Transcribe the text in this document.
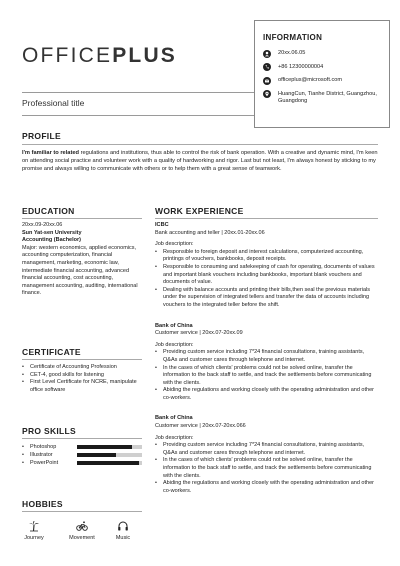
OFFICEPLUS
Professional title
INFORMATION
20xx.06.05
+86 12300000004
officeplus@microsoft.com
HuangCun, Tianhe District, Guangzhou, Guangdong
PROFILE
I'm familiar to related regulations and institutions, thus able to control the risk of bank operation. With a creative and dynamic mind, I'm keen on attending social practice and volunteer work with a quality of hardworking and rigor. Last but not least, I'm always honest by sticking to my promise and always willing to communicate with others or to help them with a great sense of teamwork.
EDUCATION
20xx.09-20xx.06
Sun Yat-sen University
Accounting (Bachelor)
Major: western economics, applied economics, accounting computerization, financial management, marketing, economic law, intermediate financial accounting, advanced financial accounting, cost accounting, management accounting, auditing, international finance.
CERTIFICATE
• Certificate of Accounting Profession
• CET-4, good skills for listening
• First Level Certificate for NCRE, manipulate office software
PRO SKILLS
• Photoshop
• Illustrator
• PowerPoint
HOBBIES
Journey	Movement	Music
WORK EXPERIENCE
ICBC
Bank accounting and teller | 20xx.01-20xx.06
Job description:
• Responsible to foreign deposit and interest calculations, computerized accounting, printings of vouchers, bankbooks, deposit receipts.
• Responsible to consuming and safekeeping of cash for operating, documents of values and important blank vouchers including bankbooks, important blank vouchers and documents of value.
• Dealing with balance accounts and printing their bills,then seal the previous materials under the supervision of integrated tellers and transfer the data of accounts including vouchers to the integrated teller before the shift.
Bank of China
Customer service | 20xx.07-20xx.09
Job description:
• Providing custom service including 7*24 financial consultations, training assistants, Q&As and customer cares through telephone and internet.
• In the cases of which clients' problems could not be solved online, transfer the information to the back staff to settle, and track the settlements before communicating with the clients.
• Abiding the regulations and working closely with the operating administration and other co-workers.
Bank of China
Customer service | 20xx.07-20xx.066
Job description:
• Providing custom service including 7*24 financial consultations, training assistants, Q&As and customer cares through telephone and internet.
• In the cases of which clients' problems could not be solved online, transfer the information to the back staff to settle, and track the settlements before communicating with the clients.
• Abiding the regulations and working closely with the operating administration and other co-workers.
